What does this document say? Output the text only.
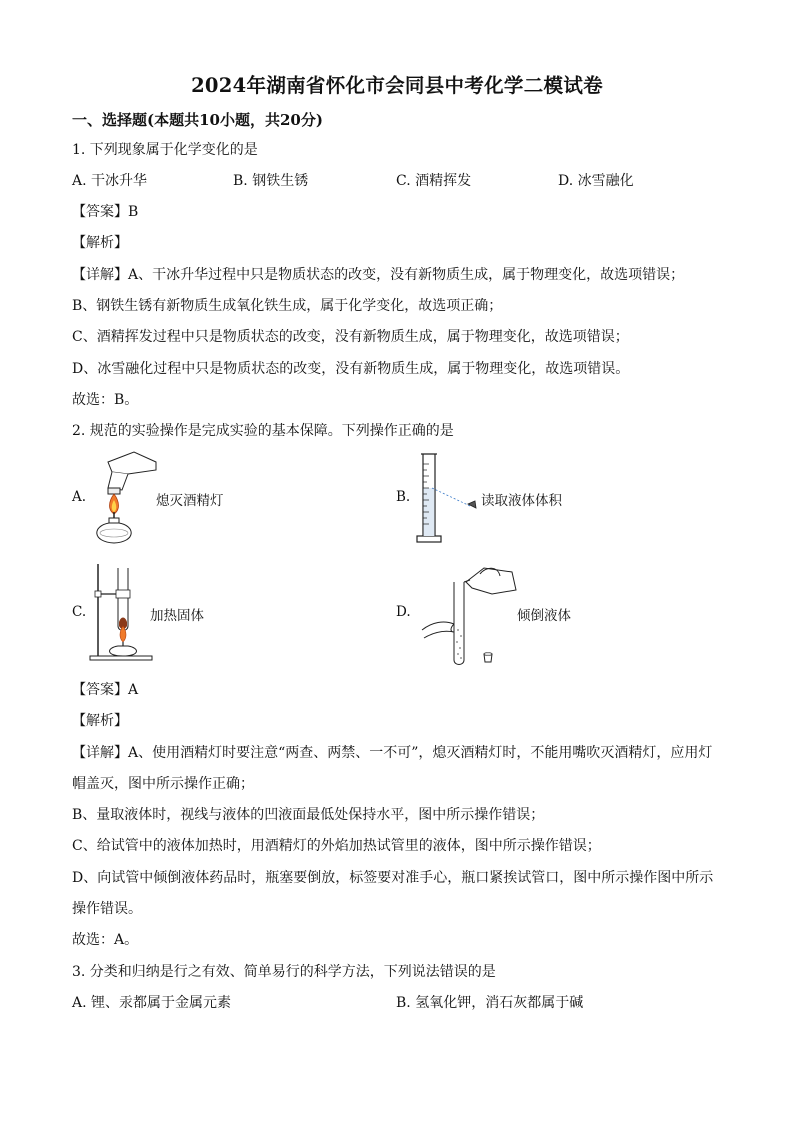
2024年湖南省怀化市会同县中考化学二模试卷
一、选择题(本题共10小题，共20分)
1. 下列现象属于化学变化的是
A. 干冰升华	B. 钢铁生锈	C. 酒精挥发	D. 冰雪融化
【答案】B
【解析】
【详解】A、干冰升华过程中只是物质状态的改变，没有新物质生成，属于物理变化，故选项错误；
B、钢铁生锈有新物质生成氧化铁生成，属于化学变化，故选项正确；
C、酒精挥发过程中只是物质状态的改变，没有新物质生成，属于物理变化，故选项错误；
D、冰雪融化过程中只是物质状态的改变，没有新物质生成，属于物理变化，故选项错误。
故选：B。
2. 规范的实验操作是完成实验的基本保障。下列操作正确的是
A.	熄灭酒精灯	B.	读取液体体积
C.	加热固体	D.	倾倒液体
【答案】A
【解析】
【详解】A、使用酒精灯时要注意“两查、两禁、一不可”，熄灭酒精灯时，不能用嘴吹灭酒精灯，应用灯
帽盖灭，图中所示操作正确；
B、量取液体时，视线与液体的凹液面最低处保持水平，图中所示操作错误；
C、给试管中的液体加热时，用酒精灯的外焰加热试管里的液体，图中所示操作错误；
D、向试管中倾倒液体药品时，瓶塞要倒放，标签要对准手心，瓶口紧挨试管口，图中所示操作图中所示
操作错误。
故选：A。
3. 分类和归纳是行之有效、简单易行的科学方法，下列说法错误的是
A. 锂、汞都属于金属元素	B. 氢氧化钾，消石灰都属于碱
